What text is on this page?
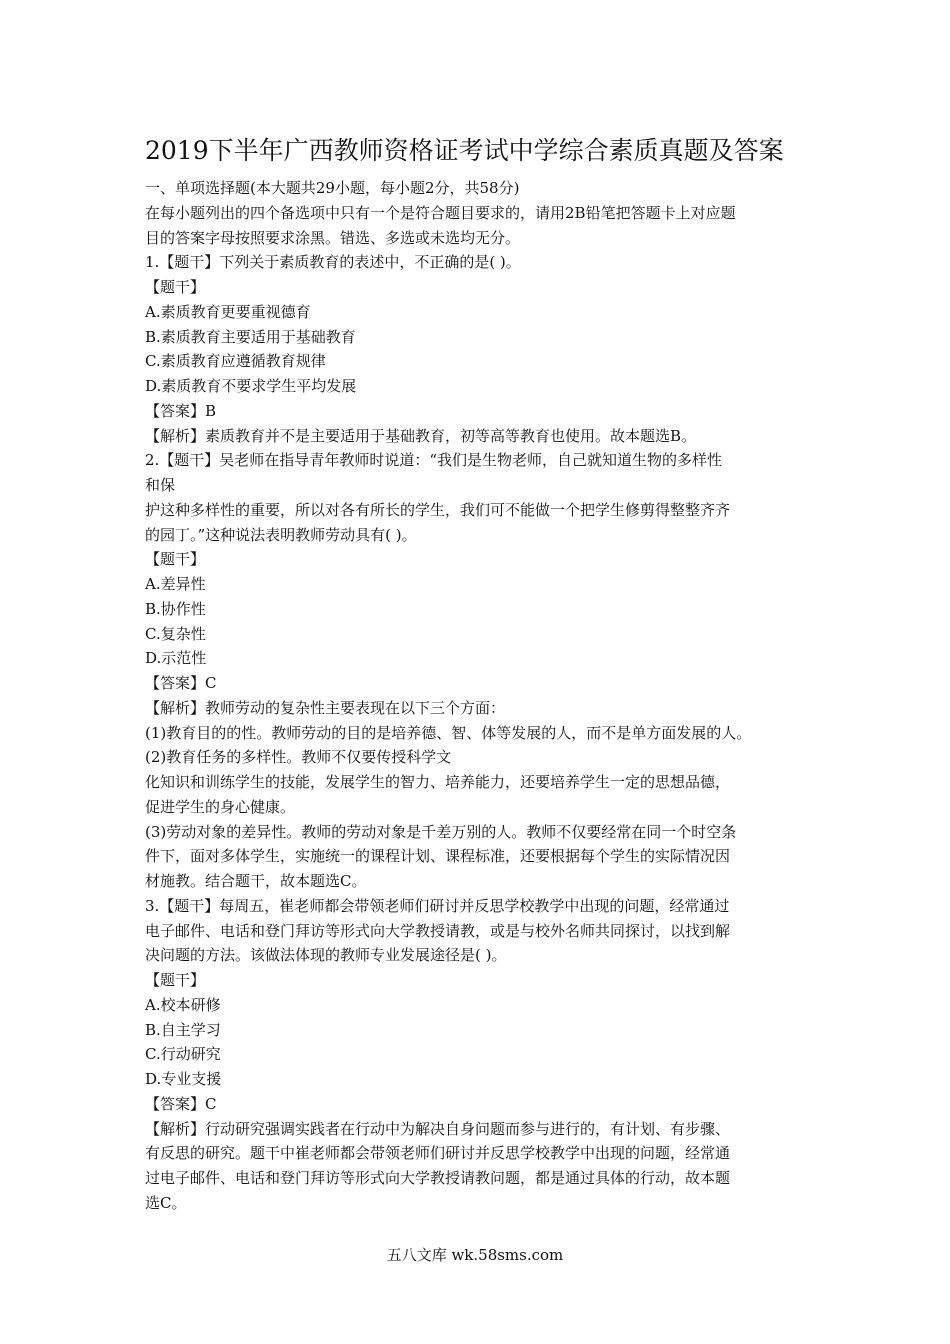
2019下半年广西教师资格证考试中学综合素质真题及答案
一、单项选择题(本大题共29小题，每小题2分，共58分)
在每小题列出的四个备选项中只有一个是符合题目要求的，请用2B铅笔把答题卡上对应题
目的答案字母按照要求涂黑。错选、多选或未选均无分。
1.【题干】下列关于素质教育的表述中，不正确的是( )。
【题干】
A.素质教育更要重视德育
B.素质教育主要适用于基础教育
C.素质教育应遵循教育规律
D.素质教育不要求学生平均发展
【答案】B
【解析】素质教育并不是主要适用于基础教育，初等高等教育也使用。故本题选B。
2.【题干】吴老师在指导青年教师时说道：“我们是生物老师，自己就知道生物的多样性
和保
护这种多样性的重要，所以对各有所长的学生，我们可不能做一个把学生修剪得整整齐齐
的园丁。”这种说法表明教师劳动具有( )。
【题干】
A.差异性
B.协作性
C.复杂性
D.示范性
【答案】C
【解析】教师劳动的复杂性主要表现在以下三个方面：
(1)教育目的的性。教师劳动的目的是培养德、智、体等发展的人，而不是单方面发展的人。
(2)教育任务的多样性。教师不仅要传授科学文
化知识和训练学生的技能，发展学生的智力、培养能力，还要培养学生一定的思想品德，
促进学生的身心健康。
(3)劳动对象的差异性。教师的劳动对象是千差万别的人。教师不仅要经常在同一个时空条
件下，面对多体学生，实施统一的课程计划、课程标准，还要根据每个学生的实际情况因
材施教。结合题干，故本题选C。
3.【题干】每周五，崔老师都会带领老师们研讨并反思学校教学中出现的问题，经常通过
电子邮件、电话和登门拜访等形式向大学教授请教，或是与校外名师共同探讨，以找到解
决问题的方法。该做法体现的教师专业发展途径是( )。
【题干】
A.校本研修
B.自主学习
C.行动研究
D.专业支援
【答案】C
【解析】行动研究强调实践者在行动中为解决自身问题而参与进行的，有计划、有步骤、
有反思的研究。题干中崔老师都会带领老师们研讨并反思学校教学中出现的问题，经常通
过电子邮件、电话和登门拜访等形式向大学教授请教问题，都是通过具体的行动，故本题
选C。
五八文库 wk.58sms.com
